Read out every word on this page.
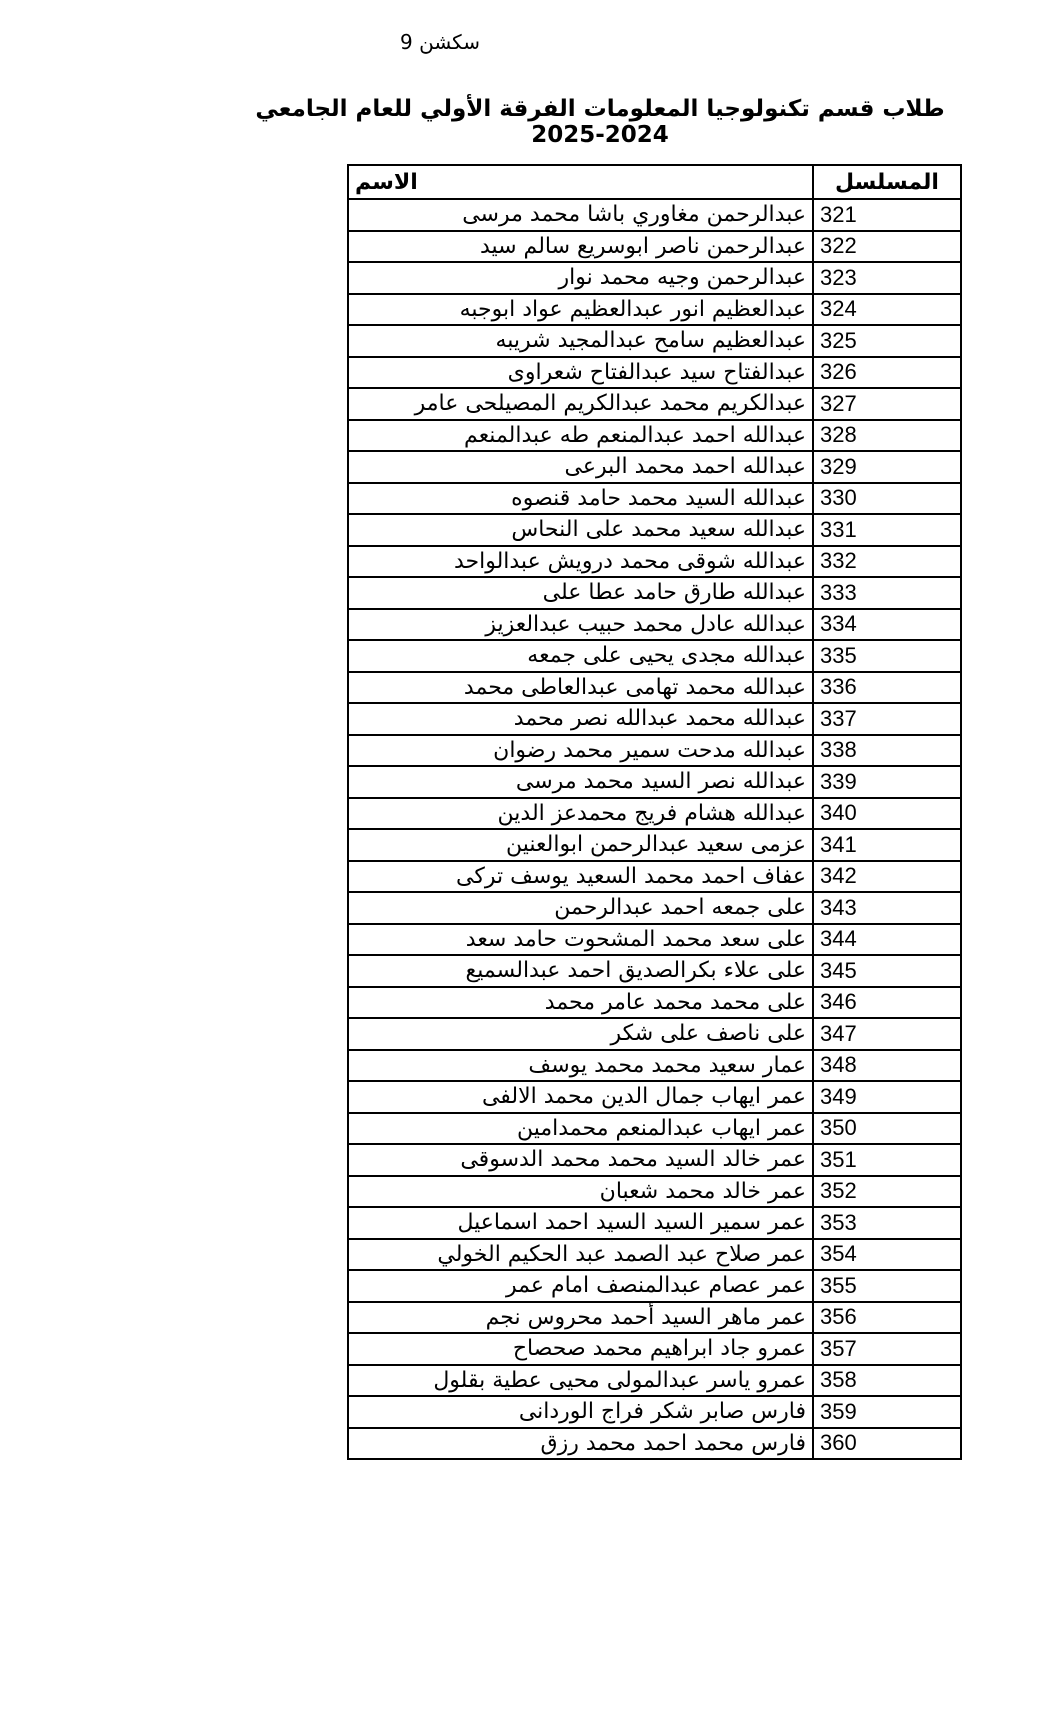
سكشن 9
طلاب قسم تكنولوجيا المعلومات الفرقة الأولي للعام الجامعي 2024-2025
المسلسل	الاسم
321	عبدالرحمن مغاوري باشا محمد مرسى
322	عبدالرحمن ناصر ابوسريع سالم سيد
323	عبدالرحمن وجيه محمد نوار
324	عبدالعظيم انور عبدالعظيم عواد ابوجبه
325	عبدالعظيم سامح عبدالمجيد شريبه
326	عبدالفتاح سيد عبدالفتاح شعراوى
327	عبدالكريم محمد عبدالكريم المصيلحى عامر
328	عبدالله احمد عبدالمنعم طه عبدالمنعم
329	عبدالله احمد محمد البرعى
330	عبدالله السيد محمد حامد قنصوه
331	عبدالله سعيد محمد على النحاس
332	عبدالله شوقى محمد درويش عبدالواحد
333	عبدالله طارق حامد عطا على
334	عبدالله عادل محمد حبيب عبدالعزيز
335	عبدالله مجدى يحيى على جمعه
336	عبدالله محمد تهامى عبدالعاطى محمد
337	عبدالله محمد عبدالله نصر محمد
338	عبدالله مدحت سمير محمد رضوان
339	عبدالله نصر السيد محمد مرسى
340	عبدالله هشام فريج محمدعز الدين
341	عزمى سعيد عبدالرحمن ابوالعنين
342	عفاف احمد محمد السعيد يوسف تركى
343	على جمعه احمد عبدالرحمن
344	على سعد محمد المشحوت حامد سعد
345	على علاء بكرالصديق احمد عبدالسميع
346	على محمد محمد عامر محمد
347	على ناصف على شكر
348	عمار سعيد محمد محمد يوسف
349	عمر ايهاب جمال الدين محمد الالفى
350	عمر ايهاب عبدالمنعم محمدامين
351	عمر خالد السيد محمد محمد الدسوقى
352	عمر خالد محمد شعبان
353	عمر سمير السيد السيد احمد اسماعيل
354	عمر صلاح عبد الصمد عبد الحكيم الخولي
355	عمر عصام عبدالمنصف امام عمر
356	عمر ماهر السيد أحمد محروس نجم
357	عمرو جاد ابراهيم محمد صحصاح
358	عمرو ياسر عبدالمولى محيى عطية بقلول
359	فارس صابر شكر فراج الوردانى
360	فارس محمد احمد محمد رزق
